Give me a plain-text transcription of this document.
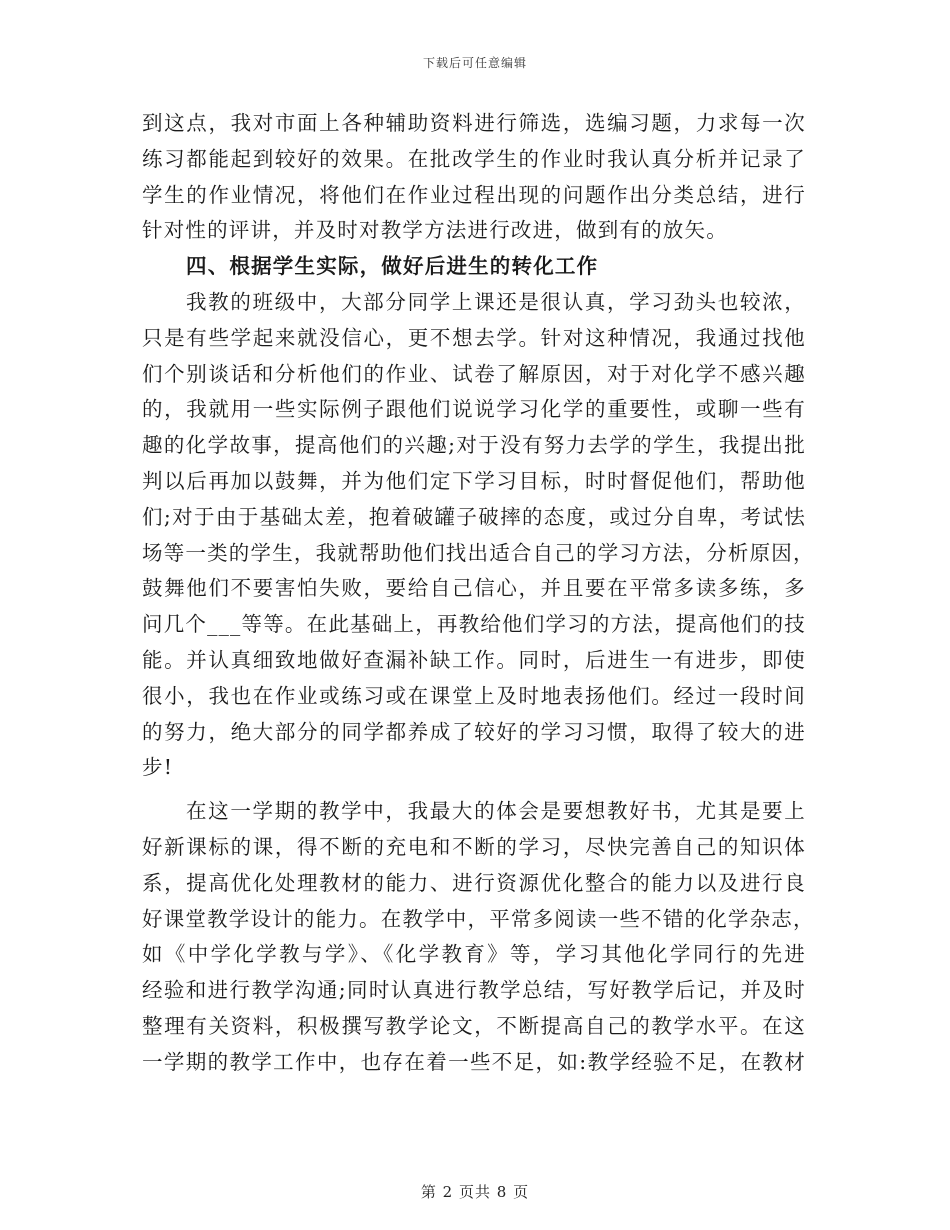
下载后可任意编辑
到这点，我对市面上各种辅助资料进行筛选，选编习题，力求每一次
练习都能起到较好的效果。在批改学生的作业时我认真分析并记录了
学生的作业情况，将他们在作业过程出现的问题作出分类总结，进行
针对性的评讲，并及时对教学方法进行改进，做到有的放矢。
四、根据学生实际，做好后进生的转化工作
我教的班级中，大部分同学上课还是很认真，学习劲头也较浓，
只是有些学起来就没信心，更不想去学。针对这种情况，我通过找他
们个别谈话和分析他们的作业、试卷了解原因，对于对化学不感兴趣
的，我就用一些实际例子跟他们说说学习化学的重要性，或聊一些有
趣的化学故事，提高他们的兴趣;对于没有努力去学的学生，我提出批
判以后再加以鼓舞，并为他们定下学习目标，时时督促他们，帮助他
们;对于由于基础太差，抱着破罐子破摔的态度，或过分自卑，考试怯
场等一类的学生，我就帮助他们找出适合自己的学习方法，分析原因，
鼓舞他们不要害怕失败，要给自己信心，并且要在平常多读多练，多
问几个___等等。在此基础上，再教给他们学习的方法，提高他们的技
能。并认真细致地做好查漏补缺工作。同时，后进生一有进步，即使
很小，我也在作业或练习或在课堂上及时地表扬他们。经过一段时间
的努力，绝大部分的同学都养成了较好的学习习惯，取得了较大的进
步!
在这一学期的教学中，我最大的体会是要想教好书，尤其是要上
好新课标的课，得不断的充电和不断的学习，尽快完善自己的知识体
系，提高优化处理教材的能力、进行资源优化整合的能力以及进行良
好课堂教学设计的能力。在教学中，平常多阅读一些不错的化学杂志，
如《中学化学教与学》、《化学教育》等，学习其他化学同行的先进
经验和进行教学沟通;同时认真进行教学总结，写好教学后记，并及时
整理有关资料，积极撰写教学论文，不断提高自己的教学水平。在这
一学期的教学工作中，也存在着一些不足，如:教学经验不足，在教材
第 2 页共 8 页
